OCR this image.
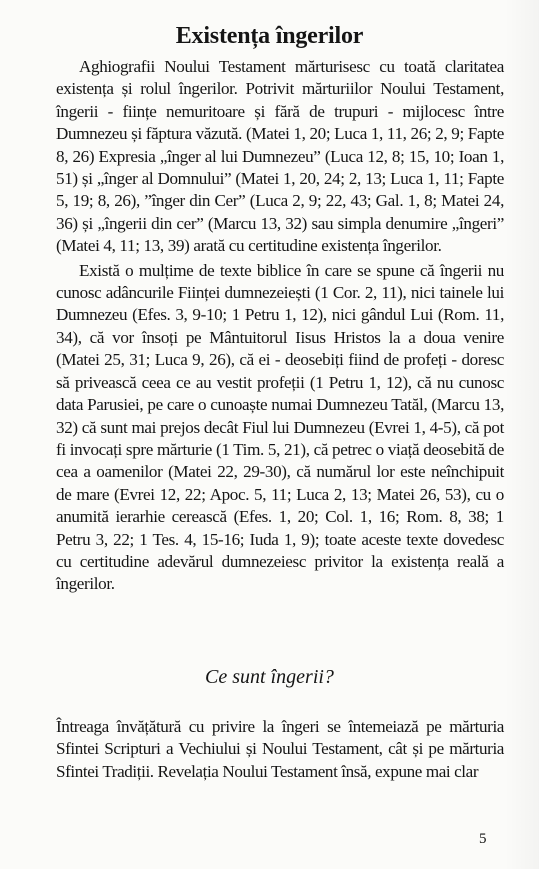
Existența îngerilor

Aghiografii Noului Testament mărturisesc cu toată claritatea existența și rolul îngerilor. Potrivit mărturiilor Noului Testament, îngerii - ființe nemuritoare și fără de trupuri - mijlocesc între Dumnezeu și făptura văzută. (Matei 1, 20; Luca 1, 11, 26; 2, 9; Fapte 8, 26) Expresia „înger al lui Dumnezeu” (Luca 12, 8; 15, 10; Ioan 1, 51) și „înger al Domnului” (Matei 1, 20, 24; 2, 13; Luca 1, 11; Fapte 5, 19; 8, 26), ”înger din Cer” (Luca 2, 9; 22, 43; Gal. 1, 8; Matei 24, 36) și „îngerii din cer” (Marcu 13, 32) sau simpla denumire „îngeri” (Matei 4, 11; 13, 39) arată cu certitudine existența îngerilor.

Există o mulțime de texte biblice în care se spune că îngerii nu cunosc adâncurile Ființei dumnezeiești (1 Cor. 2, 11), nici tainele lui Dumnezeu (Efes. 3, 9-10; 1 Petru 1, 12), nici gândul Lui (Rom. 11, 34), că vor însoți pe Mântuitorul Iisus Hristos la a doua venire (Matei 25, 31; Luca 9, 26), că ei - deosebiți fiind de profeți - doresc să privească ceea ce au vestit profeții (1 Petru 1, 12), că nu cunosc data Parusiei, pe care o cunoaște numai Dumnezeu Tatăl, (Marcu 13, 32) că sunt mai prejos decât Fiul lui Dumnezeu (Evrei 1, 4-5), că pot fi invocați spre mărturie (1 Tim. 5, 21), că petrec o viață deosebită de cea a oamenilor (Matei 22, 29-30), că numărul lor este neînchipuit de mare (Evrei 12, 22; Apoc. 5, 11; Luca 2, 13; Matei 26, 53), cu o anumită ierarhie cerească (Efes. 1, 20; Col. 1, 16; Rom. 8, 38; 1 Petru 3, 22; 1 Tes. 4, 15-16; Iuda 1, 9); toate aceste texte dovedesc cu certitudine adevărul dumnezeiesc privitor la existența reală a îngerilor.

Ce sunt îngerii?

Întreaga învățătură cu privire la îngeri se întemeiază pe mărturia Sfintei Scripturi a Vechiului și Noului Testament, cât și pe mărturia Sfintei Tradiții. Revelația Noului Testament însă, expune mai clar

5
